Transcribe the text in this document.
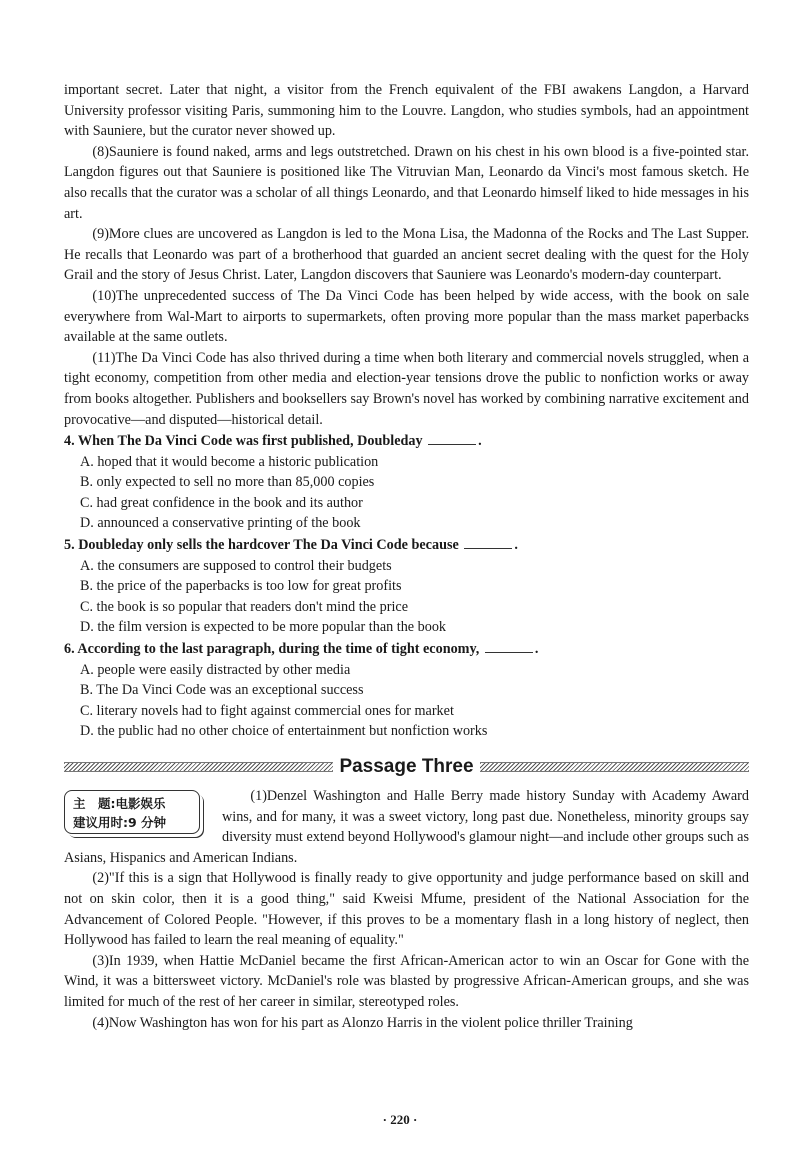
important secret. Later that night, a visitor from the French equivalent of the FBI awakens Langdon, a Harvard University professor visiting Paris, summoning him to the Louvre. Langdon, who studies symbols, had an appointment with Sauniere, but the curator never showed up.

(8)Sauniere is found naked, arms and legs outstretched. Drawn on his chest in his own blood is a five-pointed star. Langdon figures out that Sauniere is positioned like The Vitruvian Man, Leonardo da Vinci's most famous sketch. He also recalls that the curator was a scholar of all things Leonardo, and that Leonardo himself liked to hide messages in his art.

(9)More clues are uncovered as Langdon is led to the Mona Lisa, the Madonna of the Rocks and The Last Supper. He recalls that Leonardo was part of a brotherhood that guarded an ancient secret dealing with the quest for the Holy Grail and the story of Jesus Christ. Later, Langdon discovers that Sauniere was Leonardo's modern-day counterpart.

(10)The unprecedented success of The Da Vinci Code has been helped by wide access, with the book on sale everywhere from Wal-Mart to airports to supermarkets, often proving more popular than the mass market paperbacks available at the same outlets.

(11)The Da Vinci Code has also thrived during a time when both literary and commercial novels struggled, when a tight economy, competition from other media and election-year tensions drove the public to nonfiction works or away from books altogether. Publishers and booksellers say Brown's novel has worked by combining narrative excitement and provocative—and disputed—historical detail.

4. When The Da Vinci Code was first published, Doubleday	.

A. hoped that it would become a historic publication

B. only expected to sell no more than 85,000 copies

C. had great confidence in the book and its author

D. announced a conservative printing of the book

5. Doubleday only sells the hardcover The Da Vinci Code because	.

A. the consumers are supposed to control their budgets

B. the price of the paperbacks is too low for great profits

C. the book is so popular that readers don't mind the price

D. the film version is expected to be more popular than the book

6. According to the last paragraph, during the time of tight economy,	.

A. people were easily distracted by other media

B. The Da Vinci Code was an exceptional success

C. literary novels had to fight against commercial ones for market

D. the public had no other choice of entertainment but nonfiction works

Passage Three
主　题:电影娱乐
建议用时:9 分钟

(1)Denzel Washington and Halle Berry made history Sunday with Academy Award wins, and for many, it was a sweet victory, long past due. Nonetheless, minority groups say diversity must extend beyond Hollywood's glamour night—and include other groups such as Asians, Hispanics and American Indians.

(2)"If this is a sign that Hollywood is finally ready to give opportunity and judge performance based on skill and not on skin color, then it is a good thing," said Kweisi Mfume, president of the National Association for the Advancement of Colored People. "However, if this proves to be a momentary flash in a long history of neglect, then Hollywood has failed to learn the real meaning of equality."

(3)In 1939, when Hattie McDaniel became the first African-American actor to win an Oscar for Gone with the Wind, it was a bittersweet victory. McDaniel's role was blasted by progressive African-American groups, and she was limited for much of the rest of her career in similar, stereotyped roles.

(4)Now Washington has won for his part as Alonzo Harris in the violent police thriller Training

· 220 ·
